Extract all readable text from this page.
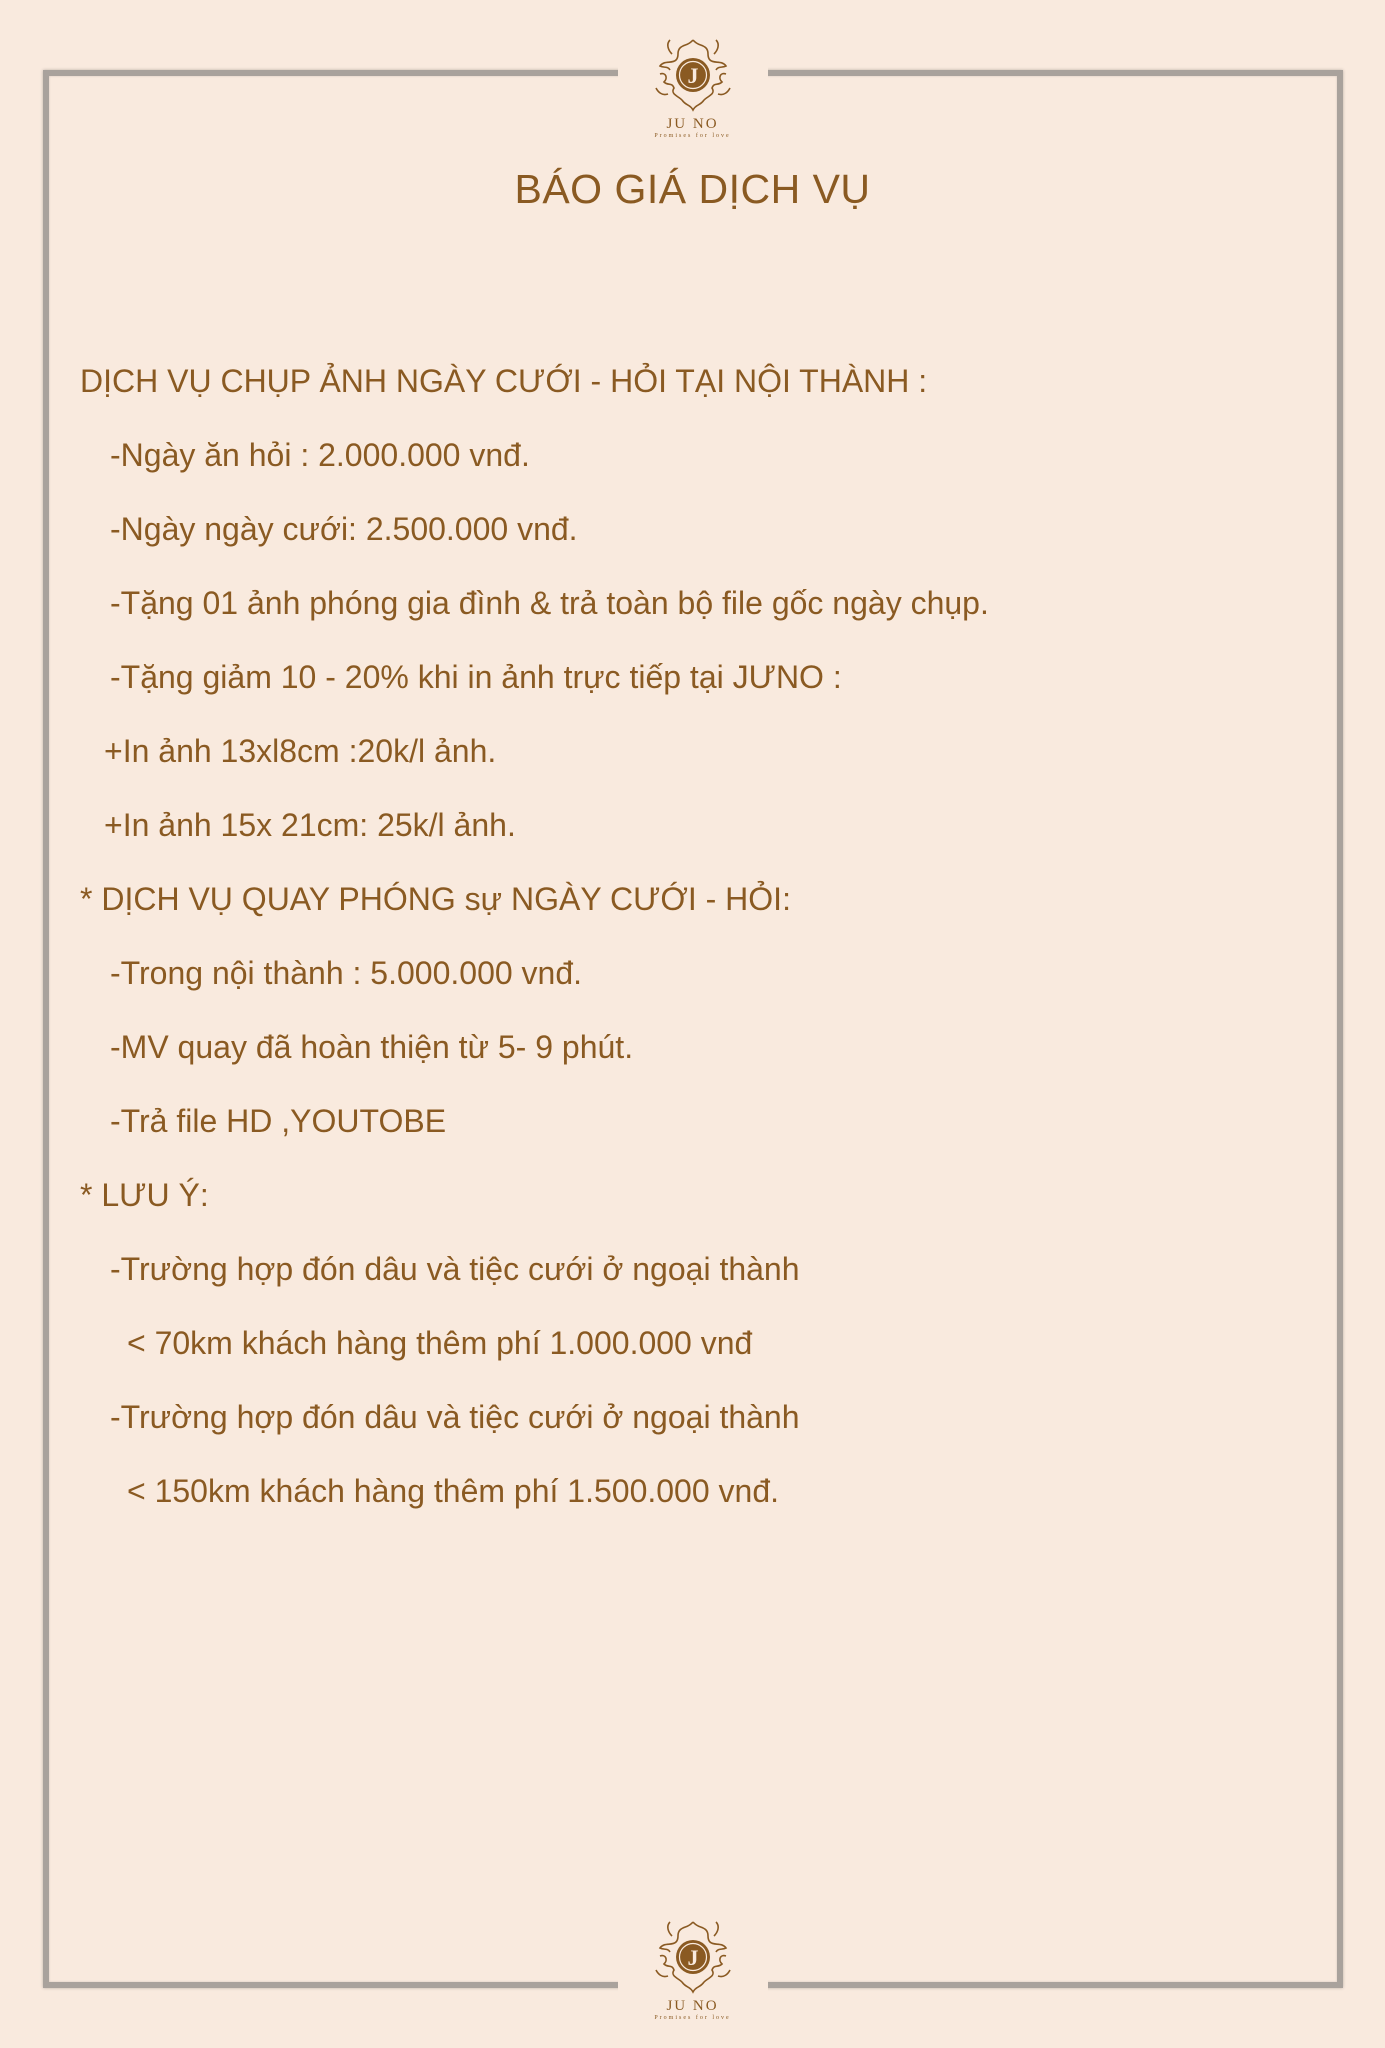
J
JU NO
Promises for love
BÁO GIÁ DỊCH VỤ
DỊCH VỤ CHỤP ẢNH NGÀY CƯỚI - HỎI TẠI NỘI THÀNH :
-Ngày ăn hỏi : 2.000.000 vnđ.
-Ngày ngày cưới: 2.500.000 vnđ.
-Tặng 01 ảnh phóng gia đình & trả toàn bộ file gốc ngày chụp.
-Tặng giảm 10 - 20% khi in ảnh trực tiếp tại JƯNO :
+In ảnh 13xl8cm :20k/l ảnh.
+In ảnh 15x 21cm: 25k/l ảnh.
* DỊCH VỤ QUAY PHÓNG sự NGÀY CƯỚI - HỎI:
-Trong nội thành : 5.000.000 vnđ.
-MV quay đã hoàn thiện từ 5- 9 phút.
-Trả file HD ,YOUTOBE
* LƯU Ý:
-Trường hợp đón dâu và tiệc cưới ở ngoại thành
< 70km khách hàng thêm phí 1.000.000 vnđ
-Trường hợp đón dâu và tiệc cưới ở ngoại thành
< 150km khách hàng thêm phí 1.500.000 vnđ.
J
JU NO
Promises for love
